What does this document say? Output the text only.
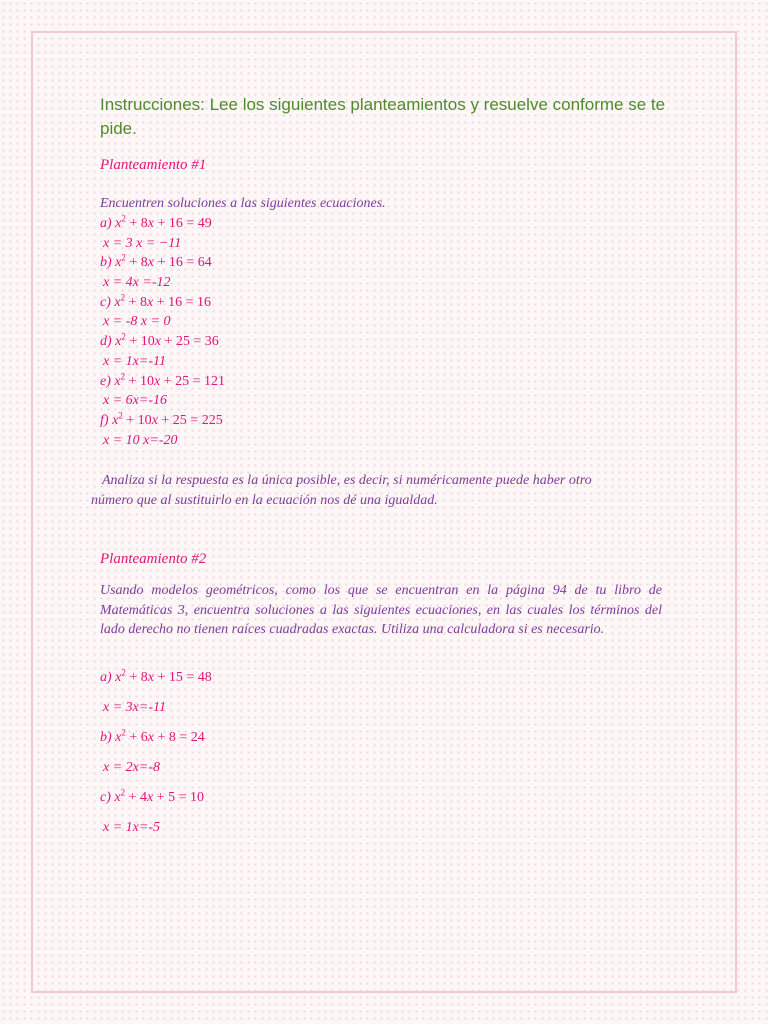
Instrucciones: Lee los siguientes planteamientos y resuelve conforme se te
pide.
Planteamiento #1
Encuentren soluciones a las siguientes ecuaciones.
a) $x^2 + 8x + 16 = 49$
x = 3 x = −11
b) $x^2 + 8x + 16 = 64$
x = 4x =-12
c) $x^2 + 8x + 16 = 16$
x = -8 x = 0
d) $x^2 + 10x + 25 = 36$
x = 1x=-11
e) $x^2 + 10x + 25 = 121$
x = 6x=-16
f) $x^2 + 10x + 25 = 225$
x = 10 x=-20
Analiza si la respuesta es la única posible, es decir, si numéricamente puede haber otro
número que al sustituirlo en la ecuación nos dé una igualdad.
Planteamiento #2
Usando modelos geométricos, como los que se encuentran en la página 94 de tu libro de Matemáticas 3, encuentra soluciones a las siguientes ecuaciones, en las cuales los términos del lado derecho no tienen raíces cuadradas exactas. Utiliza una calculadora si es necesario.
a) $x^2 + 8x + 15 = 48$
x = 3x=-11
b) $x^2 + 6x + 8 = 24$
x = 2x=-8
c) $x^2 + 4x + 5 = 10$
x = 1x=-5
